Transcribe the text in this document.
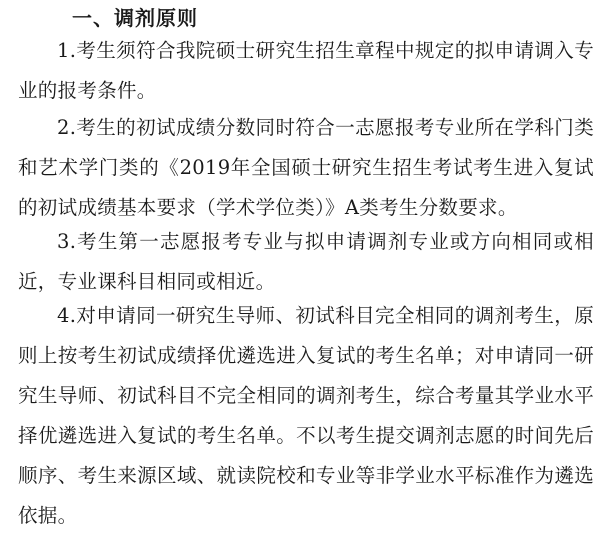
一、调剂原则
1.考生须符合我院硕士研究生招生章程中规定的拟申请调入专业的报考条件。
2.考生的初试成绩分数同时符合一志愿报考专业所在学科门类和艺术学门类的《2019年全国硕士研究生招生考试考生进入复试的初试成绩基本要求（学术学位类）》A类考生分数要求。
3.考生第一志愿报考专业与拟申请调剂专业或方向相同或相近，专业课科目相同或相近。
4.对申请同一研究生导师、初试科目完全相同的调剂考生，原则上按考生初试成绩择优遴选进入复试的考生名单；对申请同一研究生导师、初试科目不完全相同的调剂考生，综合考量其学业水平择优遴选进入复试的考生名单。不以考生提交调剂志愿的时间先后顺序、考生来源区域、就读院校和专业等非学业水平标准作为遴选依据。
